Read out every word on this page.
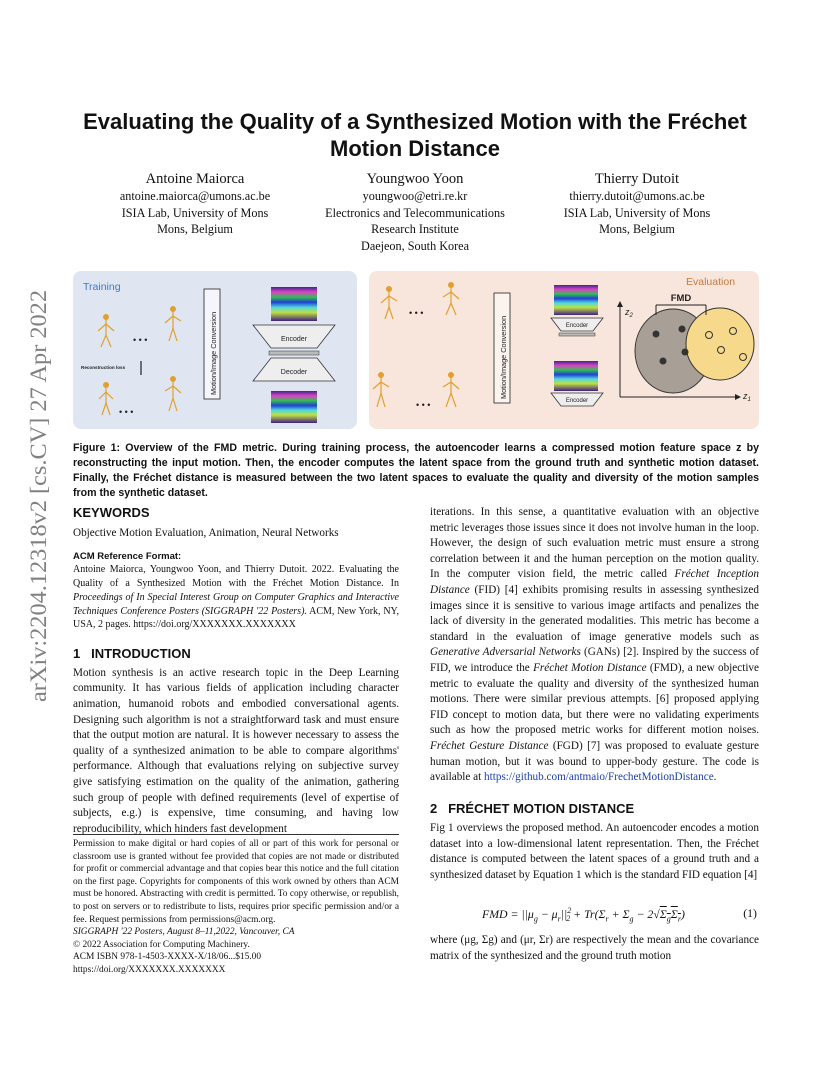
arXiv:2204.12318v2 [cs.CV] 27 Apr 2022
Evaluating the Quality of a Synthesized Motion with the Fréchet Motion Distance
Antoine Maiorca
antoine.maiorca@umons.ac.be
ISIA Lab, University of Mons
Mons, Belgium
Youngwoo Yoon
youngwoo@etri.re.kr
Electronics and Telecommunications
Research Institute
Daejeon, South Korea
Thierry Dutoit
thierry.dutoit@umons.ac.be
ISIA Lab, University of Mons
Mons, Belgium
Training
• • •
• • •
Reconstruction loss	Motion/Image Conversion	Encoder
Decoder
Evaluation
• • •
• • •
Motion/Image Conversion	Encoder
Encoder
$z_2$
$z_1$
FMD
Figure 1: Overview of the FMD metric. During training process, the autoencoder learns a compressed motion feature space z by reconstructing the input motion. Then, the encoder computes the latent space from the ground truth and synthetic motion dataset. Finally, the Fréchet distance is measured between the two latent spaces to evaluate the quality and diversity of the motion samples from the synthetic dataset.
KEYWORDS
Objective Motion Evaluation, Animation, Neural Networks
ACM Reference Format:
Antoine Maiorca, Youngwoo Yoon, and Thierry Dutoit. 2022. Evaluating the Quality of a Synthesized Motion with the Fréchet Motion Distance. In Proceedings of In Special Interest Group on Computer Graphics and Interactive Techniques Conference Posters (SIGGRAPH '22 Posters). ACM, New York, NY, USA, 2 pages. https://doi.org/XXXXXXX.XXXXXXX
1 INTRODUCTION
Motion synthesis is an active research topic in the Deep Learning community. It has various fields of application including character animation, humanoid robots and embodied conversational agents. Designing such algorithm is not a straightforward task and must ensure that the output motion are natural. It is however necessary to assess the quality of a synthesized animation to be able to compare algorithms' performance. Although that evaluations relying on subjective survey give satisfying estimation on the quality of the animation, gathering such group of people with defined requirements (level of expertise of subjects, e.g.) is expensive, time consuming, and having low reproducibility, which hinders fast development
Permission to make digital or hard copies of all or part of this work for personal or classroom use is granted without fee provided that copies are not made or distributed for profit or commercial advantage and that copies bear this notice and the full citation on the first page. Copyrights for components of this work owned by others than ACM must be honored. Abstracting with credit is permitted. To copy otherwise, or republish, to post on servers or to redistribute to lists, requires prior specific permission and/or a fee. Request permissions from permissions@acm.org.
SIGGRAPH '22 Posters, August 8–11,2022, Vancouver, CA
© 2022 Association for Computing Machinery.
ACM ISBN 978-1-4503-XXXX-X/18/06...$15.00
https://doi.org/XXXXXXX.XXXXXXX
iterations. In this sense, a quantitative evaluation with an objective metric leverages those issues since it does not involve human in the loop. However, the design of such evaluation metric must ensure a strong correlation between it and the human perception on the motion quality. In the computer vision field, the metric called Fréchet Inception Distance (FID) [4] exhibits promising results in assessing synthesized images since it is sensitive to various image artifacts and penalizes the lack of diversity in the generated modalities. This metric has become a standard in the evaluation of image generative models such as Generative Adversarial Networks (GANs) [2]. Inspired by the success of FID, we introduce the Fréchet Motion Distance (FMD), a new objective metric to evaluate the quality and diversity of the synthesized human motions. There were similar previous attempts. [6] proposed applying FID concept to motion data, but there were no validating experiments such as how the proposed metric works for different motion noises. Fréchet Gesture Distance (FGD) [7] was proposed to evaluate gesture human motion, but it was bound to upper-body gesture. The code is available at https://github.com/antmaio/FrechetMotionDistance.
2 FRÉCHET MOTION DISTANCE
Fig 1 overviews the proposed method. An autoencoder encodes a motion dataset into a low-dimensional latent representation. Then, the Fréchet distance is computed between the latent spaces of a ground truth and a synthesized dataset by Equation 1 which is the standard FID equation [4]
FMD = $||\mu_g - \mu_r||^2_2 + Tr(\Sigma_r + \Sigma_g - 2√\Sigma_g\Sigma_r)$	(1)
where (μg, Σg) and (μr, Σr) are respectively the mean and the covariance matrix of the synthesized and the ground truth motion
